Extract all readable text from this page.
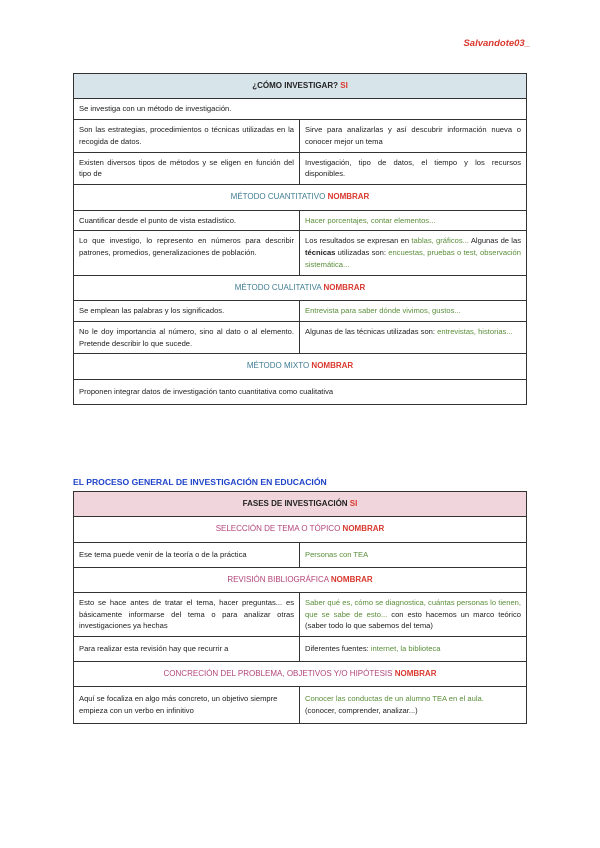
Salvandote03_
¿CÓMO INVESTIGAR? SI	
Se investiga con un método de investigación.	
Son las estrategias, procedimientos o técnicas utilizadas en la recogida de datos.	Sirve para analizarlas y así descubrir información nueva o conocer mejor un tema
Existen diversos tipos de métodos y se eligen en función del tipo de	Investigación, tipo de datos, el tiempo y los recursos disponibles.
MÉTODO CUANTITATIVO NOMBRAR	
Cuantificar desde el punto de vista estadístico.	Hacer porcentajes, contar elementos...
Lo que investigo, lo represento en números para describir patrones, promedios, generalizaciones de población.	Los resultados se expresan en tablas, gráficos... Algunas de las técnicas utilizadas son: encuestas, pruebas o test, observación sistemática...
MÉTODO CUALITATIVA NOMBRAR	
Se emplean las palabras y los significados.	Entrevista para saber dónde vivimos, gustos...
No le doy importancia al número, sino al dato o al elemento. Pretende describir lo que sucede.	Algunas de las técnicas utilizadas son: entrevistas, historias...
MÉTODO MIXTO NOMBRAR	
Proponen integrar datos de investigación tanto cuantitativa como cualitativa	
EL PROCESO GENERAL DE INVESTIGACIÓN EN EDUCACIÓN
FASES DE INVESTIGACIÓN SI	
SELECCIÓN DE TEMA O TÓPICO NOMBRAR	
Ese tema puede venir de la teoría o de la práctica	Personas con TEA
REVISIÓN BIBLIOGRÁFICA NOMBRAR	
Esto se hace antes de tratar el tema, hacer preguntas... es básicamente informarse del tema o para analizar otras investigaciones ya hechas	Saber qué es, cómo se diagnostica, cuántas personas lo tienen, que se sabe de esto... con esto hacemos un marco teórico (saber todo lo que sabemos del tema)
Para realizar esta revisión hay que recurrir a	Diferentes fuentes: internet, la biblioteca
CONCRECIÓN DEL PROBLEMA, OBJETIVOS Y/O HIPÓTESIS NOMBRAR	
Aquí se focaliza en algo más concreto, un objetivo siempre empieza con un verbo en infinitivo	Conocer las conductas de un alumno TEA en el aula.
(conocer, comprender, analizar...)
